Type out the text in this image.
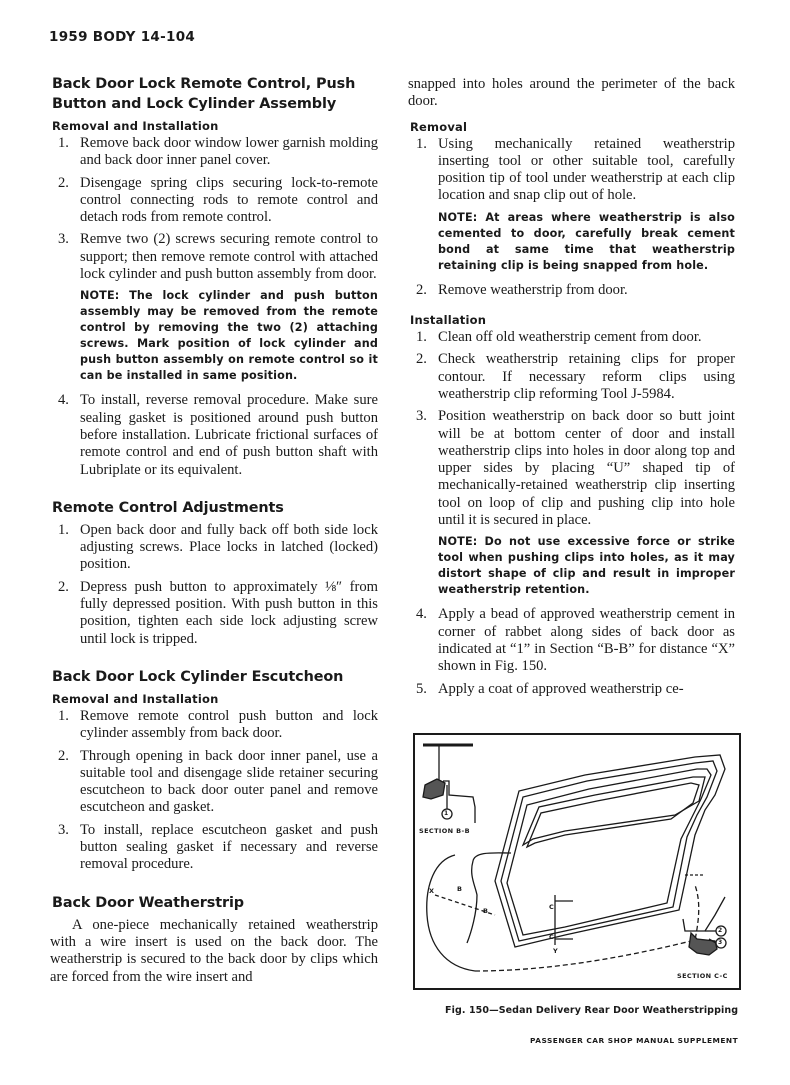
1959 BODY 14-104
Back Door Lock Remote Control, Push Button and Lock Cylinder Assembly
Removal and Installation
1. Remove back door window lower garnish molding and back door inner panel cover.
2. Disengage spring clips securing lock-to-remote control connecting rods to remote control and detach rods from remote control.
3. Remve two (2) screws securing remote control to support; then remove remote control with attached lock cylinder and push button assembly from door.
NOTE: The lock cylinder and push button assembly may be removed from the remote control by removing the two (2) attaching screws. Mark position of lock cylinder and push button assembly on remote control so it can be installed in same position.
4. To install, reverse removal procedure. Make sure sealing gasket is positioned around push button before installation. Lubricate frictional surfaces of remote control and end of push button shaft with Lubriplate or its equivalent.
Remote Control Adjustments
1. Open back door and fully back off both side lock adjusting screws. Place locks in latched (locked) position.
2. Depress push button to approximately ⅛″ from fully depressed position. With push button in this position, tighten each side lock adjusting screw until lock is tripped.
Back Door Lock Cylinder Escutcheon
Removal and Installation
1. Remove remote control push button and lock cylinder assembly from back door.
2. Through opening in back door inner panel, use a suitable tool and disengage slide retainer securing escutcheon to back door outer panel and remove escutcheon and gasket.
3. To install, replace escutcheon gasket and push button sealing gasket if necessary and reverse removal procedure.
Back Door Weatherstrip

A one-piece mechanically retained weatherstrip with a wire insert is used on the back door. The weatherstrip is secured to the back door by clips which are forced from the wire insert and

snapped into holes around the perimeter of the back door.

Removal
1. Using mechanically retained weatherstrip inserting tool or other suitable tool, carefully position tip of tool under weatherstrip at each clip location and snap clip out of hole.
NOTE: At areas where weatherstrip is also cemented to door, carefully break cement bond at same time that weatherstrip retaining clip is being snapped from hole.
2. Remove weatherstrip from door.
Installation
1. Clean off old weatherstrip cement from door.
2. Check weatherstrip retaining clips for proper contour. If necessary reform clips using weatherstrip clip reforming Tool J-5984.
3. Position weatherstrip on back door so butt joint will be at bottom center of door and install weatherstrip clips into holes in door along top and upper sides by placing “U” shaped tip of mechanically-retained weatherstrip clip inserting tool on loop of clip and pushing clip into hole until it is secured in place.
NOTE: Do not use excessive force or strike tool when pushing clips into holes, as it may distort shape of clip and result in improper weatherstrip retention.
4. Apply a bead of approved weatherstrip cement in corner of rabbet along sides of back door as indicated at “1” in Section “B-B” for distance “X” shown in Fig. 150.
5. Apply a coat of approved weatherstrip ce-
SECTION B-B
1
SECTION C-C
2
3
X	B
B	C
C
Y
Fig. 150—Sedan Delivery Rear Door Weatherstripping
PASSENGER CAR SHOP MANUAL SUPPLEMENT
